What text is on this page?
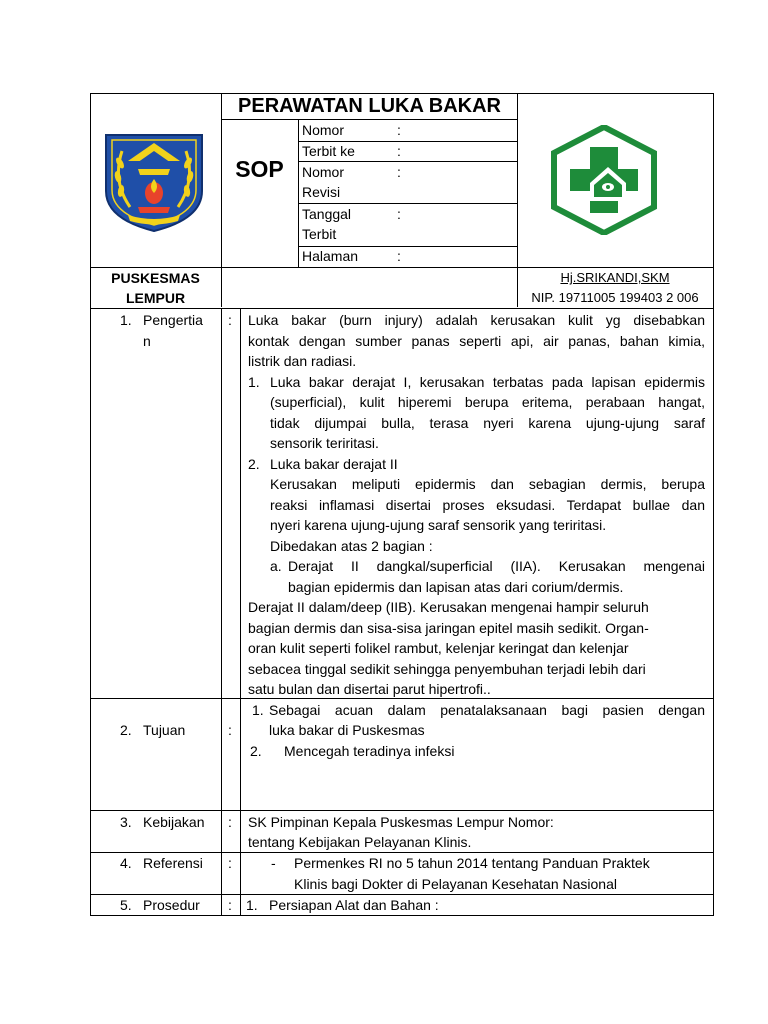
PERAWATAN LUKA BAKAR
SOP
Nomor	:
Terbit ke	:
Nomor
Revisi
:
Tanggal
Terbit
:
Halaman	:
PUSKESMAS
LEMPUR
Hj.SRIKANDI,SKM
NIP. 19711005 199403 2 006
1. Pengertia
n
: Luka bakar (burn injury) adalah kerusakan kulit yg disebabkan
kontak dengan sumber panas seperti api, air panas, bahan kimia,
listrik dan radiasi.
1. Luka bakar derajat I, kerusakan terbatas pada lapisan epidermis
(superficial), kulit hiperemi berupa eritema, perabaan hangat,
tidak dijumpai bulla, terasa nyeri karena ujung-ujung saraf
sensorik teriritasi.
2. Luka bakar derajat II
Kerusakan meliputi epidermis dan sebagian dermis, berupa
reaksi inflamasi disertai proses eksudasi. Terdapat bullae dan
nyeri karena ujung-ujung saraf sensorik yang teriritasi.
Dibedakan atas 2 bagian :
a. Derajat II dangkal/superficial (IIA). Kerusakan mengenai
bagian epidermis dan lapisan atas dari corium/dermis.
Derajat II dalam/deep (IIB). Kerusakan mengenai hampir seluruh
bagian dermis dan sisa-sisa jaringan epitel masih sedikit. Organ-
oran kulit seperti folikel rambut, kelenjar keringat dan kelenjar
sebacea tinggal sedikit sehingga penyembuhan terjadi lebih dari
satu bulan dan disertai parut hipertrofi..
2. Tujuan	:
1. Sebagai acuan dalam penatalaksanaan bagi pasien dengan
luka bakar di Puskesmas
2. Mencegah teradinya infeksi
3. Kebijakan : SK Pimpinan Kepala Puskesmas Lempur Nomor:
tentang Kebijakan Pelayanan Klinis.
4. Referensi :	- Permenkes RI no 5 tahun 2014 tentang Panduan Praktek
Klinis bagi Dokter di Pelayanan Kesehatan Nasional
5. Prosedur : 1. Persiapan Alat dan Bahan :
